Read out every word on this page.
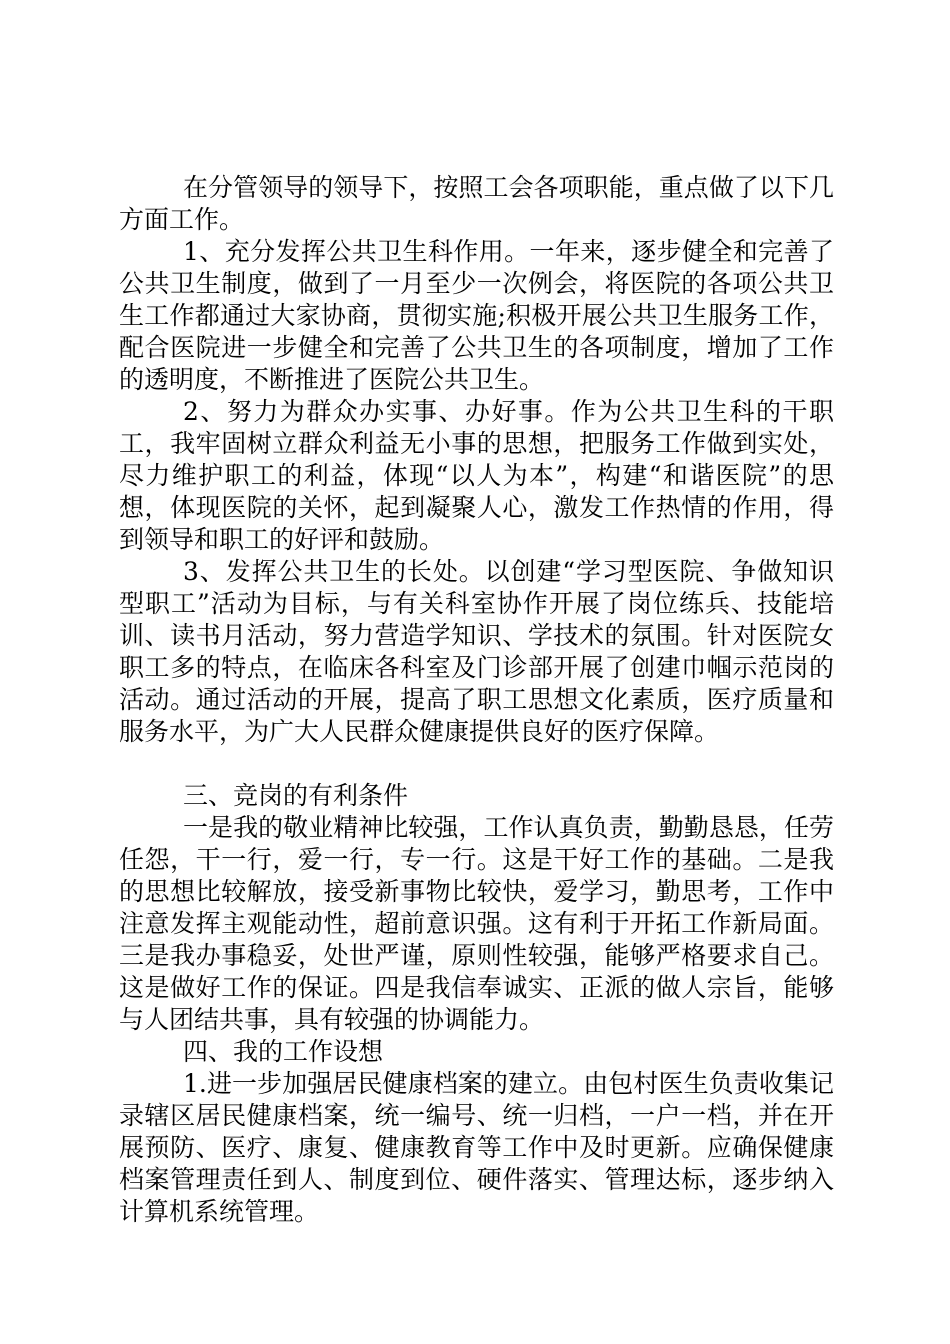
在分管领导的领导下，按照工会各项职能，重点做了以下几方面工作。

1、充分发挥公共卫生科作用。一年来，逐步健全和完善了公共卫生制度，做到了一月至少一次例会，将医院的各项公共卫生工作都通过大家协商，贯彻实施;积极开展公共卫生服务工作，配合医院进一步健全和完善了公共卫生的各项制度，增加了工作的透明度，不断推进了医院公共卫生。

2、努力为群众办实事、办好事。作为公共卫生科的干职工，我牢固树立群众利益无小事的思想，把服务工作做到实处，尽力维护职工的利益，体现“以人为本”，构建“和谐医院”的思想，体现医院的关怀，起到凝聚人心，激发工作热情的作用，得到领导和职工的好评和鼓励。

3、发挥公共卫生的长处。以创建“学习型医院、争做知识型职工”活动为目标，与有关科室协作开展了岗位练兵、技能培训、读书月活动，努力营造学知识、学技术的氛围。针对医院女职工多的特点，在临床各科室及门诊部开展了创建巾帼示范岗的活动。通过活动的开展，提高了职工思想文化素质，医疗质量和服务水平，为广大人民群众健康提供良好的医疗保障。

三、竞岗的有利条件

一是我的敬业精神比较强，工作认真负责，勤勤恳恳，任劳任怨，干一行，爱一行，专一行。这是干好工作的基础。二是我的思想比较解放，接受新事物比较快，爱学习，勤思考，工作中注意发挥主观能动性，超前意识强。这有利于开拓工作新局面。三是我办事稳妥，处世严谨，原则性较强，能够严格要求自己。这是做好工作的保证。四是我信奉诚实、正派的做人宗旨，能够与人团结共事，具有较强的协调能力。

四、我的工作设想

1.进一步加强居民健康档案的建立。由包村医生负责收集记录辖区居民健康档案，统一编号、统一归档，一户一档，并在开展预防、医疗、康复、健康教育等工作中及时更新。应确保健康档案管理责任到人、制度到位、硬件落实、管理达标，逐步纳入计算机系统管理。
